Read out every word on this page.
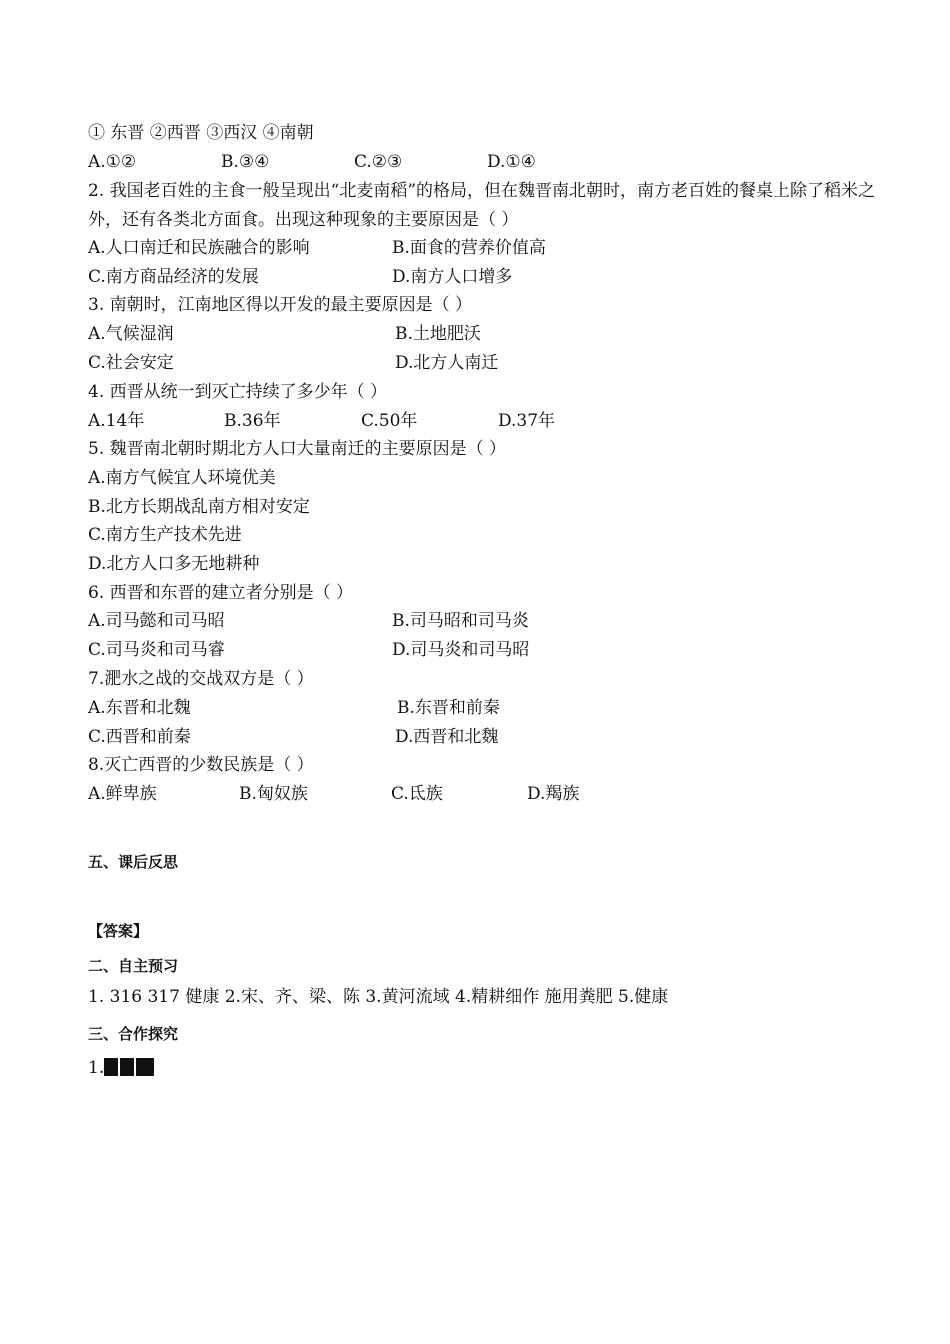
① 东晋 ②西晋 ③西汉 ④南朝
A.①②	B.③④	C.②③	D.①④
2. 我国老百姓的主食一般呈现出“北麦南稻”的格局，但在魏晋南北朝时，南方老百姓的餐桌上除了稻米之外，还有各类北方面食。出现这种现象的主要原因是（ ）
A.人口南迁和民族融合的影响	B.面食的营养价值高
C.南方商品经济的发展	D.南方人口增多
3. 南朝时，江南地区得以开发的最主要原因是（ ）
A.气候湿润	B.土地肥沃
C.社会安定	D.北方人南迁
4. 西晋从统一到灭亡持续了多少年（ ）
A.14年	B.36年	C.50年	D.37年
5. 魏晋南北朝时期北方人口大量南迁的主要原因是（ ）
A.南方气候宜人环境优美
B.北方长期战乱南方相对安定
C.南方生产技术先进
D.北方人口多无地耕种
6. 西晋和东晋的建立者分别是（ ）
A.司马懿和司马昭	B.司马昭和司马炎
C.司马炎和司马睿	D.司马炎和司马昭
7.淝水之战的交战双方是（ ）
A.东晋和北魏	B.东晋和前秦
C.西晋和前秦	D.西晋和北魏
8.灭亡西晋的少数民族是（ ）
A.鲜卑族	B.匈奴族	C.氐族	D.羯族
五、课后反思
【答案】
二、自主预习
1. 316 317 健康 2.宋、齐、梁、陈 3.黄河流域 4.精耕细作 施用粪肥 5.健康
三、合作探究
1.
